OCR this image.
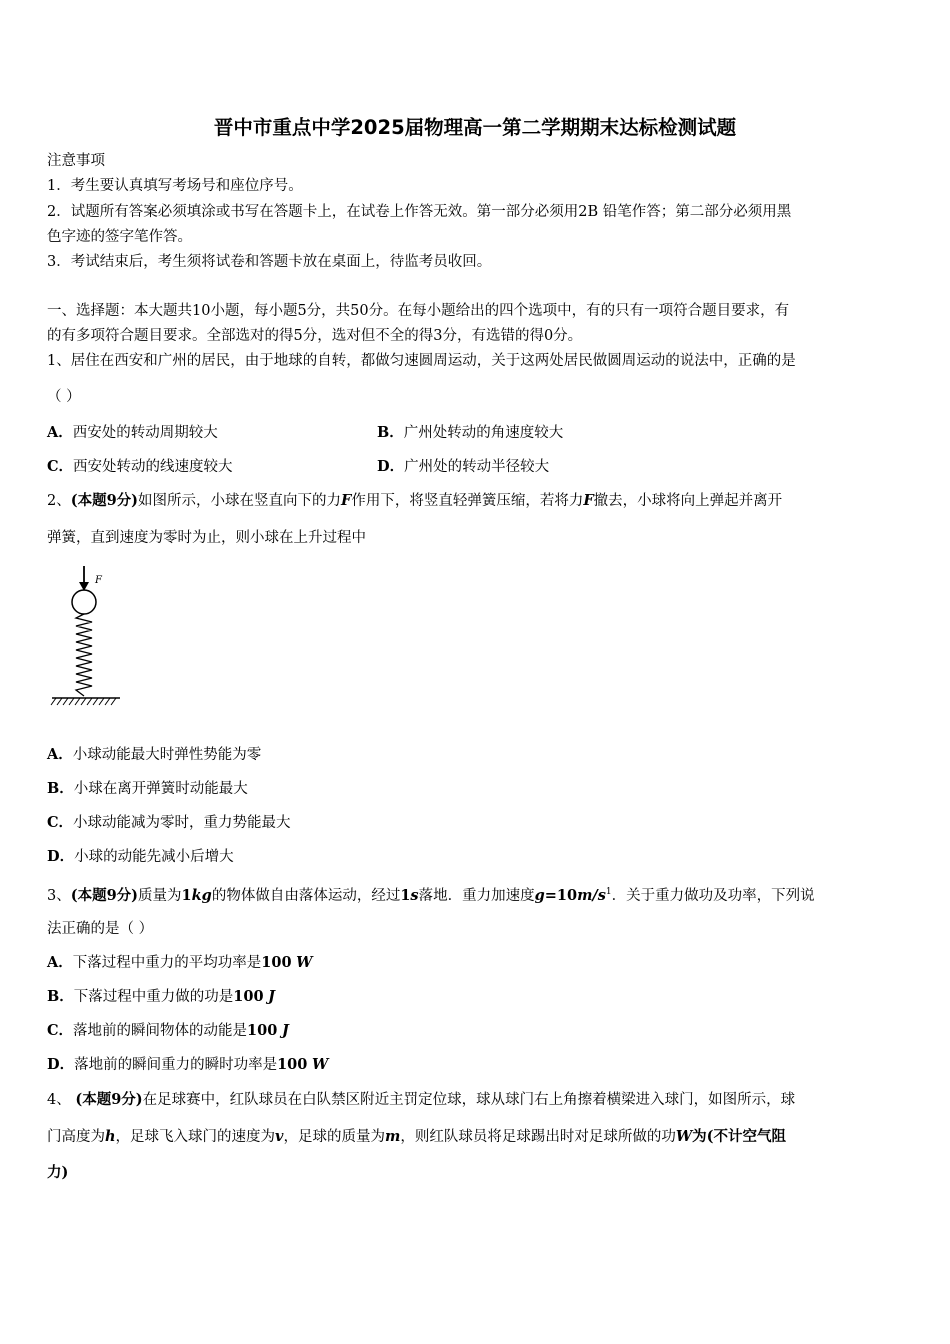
晋中市重点中学2025届物理高一第二学期期末达标检测试题
注意事项
1．考生要认真填写考场号和座位序号。
2．试题所有答案必须填涂或书写在答题卡上，在试卷上作答无效。第一部分必须用2B 铅笔作答；第二部分必须用黑
色字迹的签字笔作答。
3．考试结束后，考生须将试卷和答题卡放在桌面上，待监考员收回。
一、选择题：本大题共10小题，每小题5分，共50分。在每小题给出的四个选项中，有的只有一项符合题目要求，有
的有多项符合题目要求。全部选对的得5分，选对但不全的得3分，有选错的得0分。
1、居住在西安和广州的居民，由于地球的自转，都做匀速圆周运动，关于这两处居民做圆周运动的说法中，正确的是
（ ）
A．西安处的转动周期较大	B．广州处转动的角速度较大
C．西安处转动的线速度较大	D．广州处的转动半径较大
2、(本题9分)如图所示，小球在竖直向下的力F作用下，将竖直轻弹簧压缩，若将力F撤去，小球将向上弹起并离开
弹簧，直到速度为零时为止，则小球在上升过程中
F
A．小球动能最大时弹性势能为零
B．小球在离开弹簧时动能最大
C．小球动能减为零时，重力势能最大
D．小球的动能先减小后增大
3、(本题9分)质量为1kg的物体做自由落体运动，经过1s落地．重力加速度$g=10m/s^1$．关于重力做功及功率，下列说
法正确的是（ ）
A．下落过程中重力的平均功率是100 W
B．下落过程中重力做的功是100 J
C．落地前的瞬间物体的动能是100 J
D．落地前的瞬间重力的瞬时功率是100 W
4、 (本题9分)在足球赛中，红队球员在白队禁区附近主罚定位球，球从球门右上角擦着横梁进入球门，如图所示，球
门高度为h，足球飞入球门的速度为v，足球的质量为m，则红队球员将足球踢出时对足球所做的功W为(不计空气阻
力)
